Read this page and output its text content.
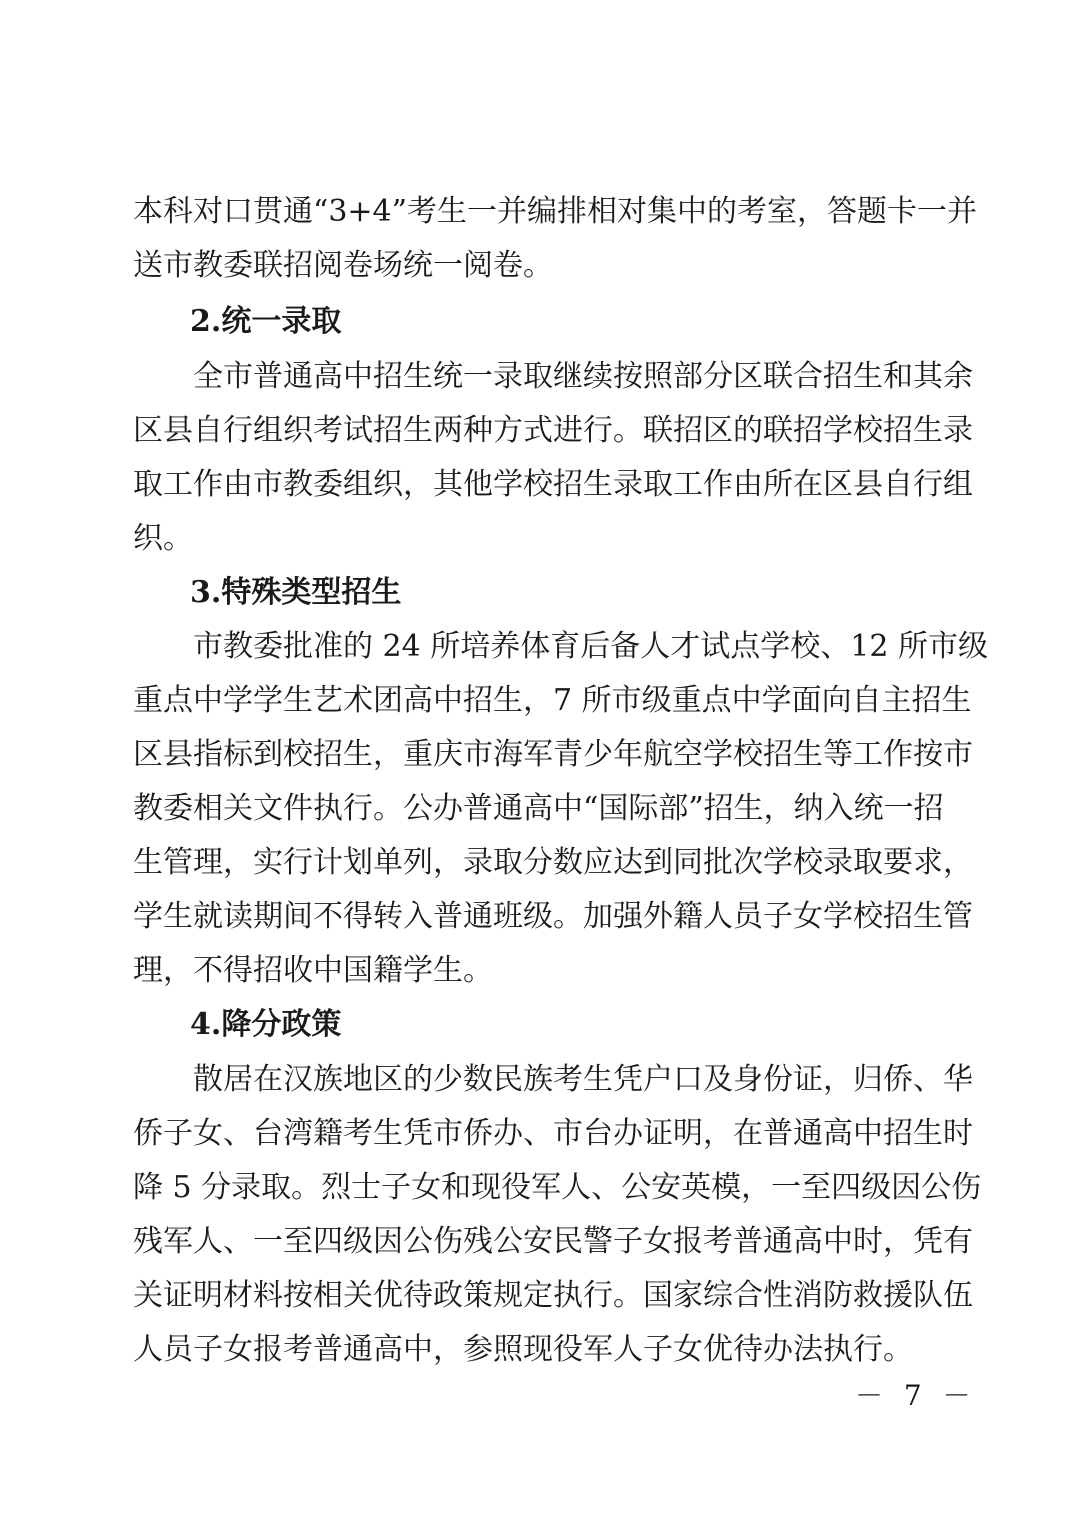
本科对口贯通“3+4”考生一并编排相对集中的考室，答题卡一并
送市教委联招阅卷场统一阅卷。
2.统一录取
全市普通高中招生统一录取继续按照部分区联合招生和其余
区县自行组织考试招生两种方式进行。联招区的联招学校招生录
取工作由市教委组织，其他学校招生录取工作由所在区县自行组
织。
3.特殊类型招生
市教委批准的 24 所培养体育后备人才试点学校、12 所市级
重点中学学生艺术团高中招生，7 所市级重点中学面向自主招生
区县指标到校招生，重庆市海军青少年航空学校招生等工作按市
教委相关文件执行。公办普通高中“国际部”招生，纳入统一招
生管理，实行计划单列，录取分数应达到同批次学校录取要求，
学生就读期间不得转入普通班级。加强外籍人员子女学校招生管
理，不得招收中国籍学生。
4.降分政策
散居在汉族地区的少数民族考生凭户口及身份证，归侨、华
侨子女、台湾籍考生凭市侨办、市台办证明，在普通高中招生时
降 5 分录取。烈士子女和现役军人、公安英模，一至四级因公伤
残军人、一至四级因公伤残公安民警子女报考普通高中时，凭有
关证明材料按相关优待政策规定执行。国家综合性消防救援队伍
人员子女报考普通高中，参照现役军人子女优待办法执行。
－ 7 －
